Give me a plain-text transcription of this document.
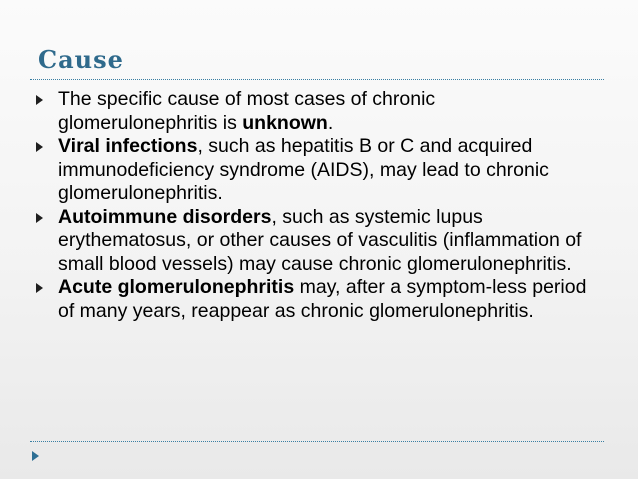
Cause
The specific cause of most cases of chronic glomerulonephritis is unknown.
Viral infections, such as hepatitis B or C and acquired immunodeficiency syndrome (AIDS), may lead to chronic glomerulonephritis.
Autoimmune disorders, such as systemic lupus erythematosus, or other causes of vasculitis (inflammation of small blood vessels) may cause chronic glomerulonephritis.
Acute glomerulonephritis may, after a symptom-less period of many years, reappear as chronic glomerulonephritis.
